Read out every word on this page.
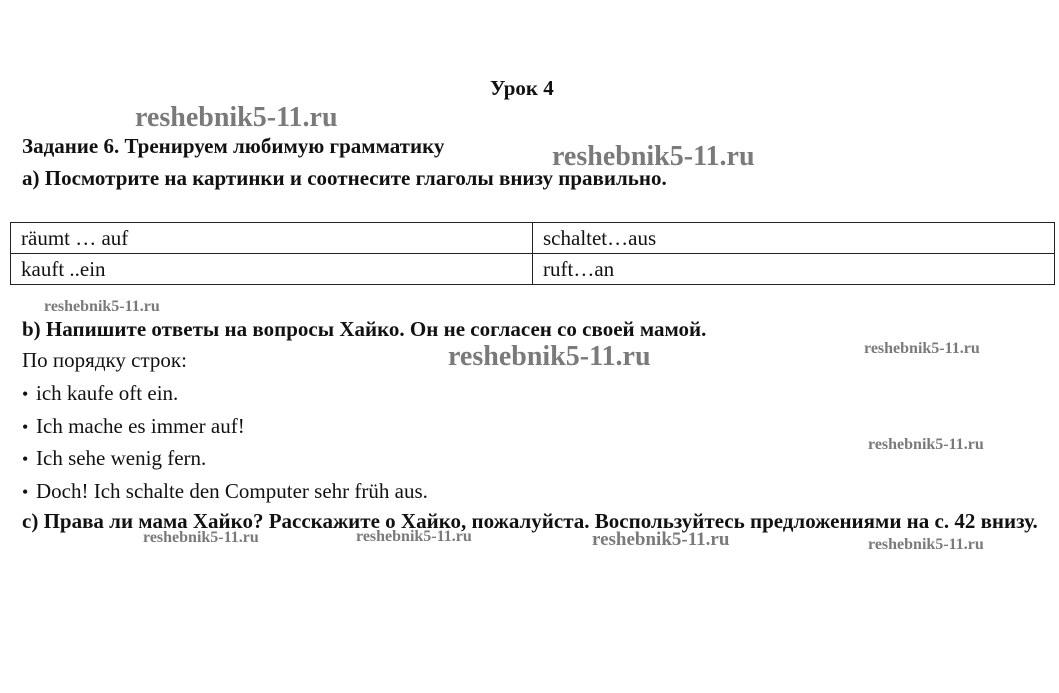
Урок 4
Задание 6. Тренируем любимую грамматику
a) Посмотрите на картинки и соотнесите глаголы внизу правильно.
räumt … auf	schaltet…aus
kauft ..ein	ruft…an
b) Напишите ответы на вопросы Хайко. Он не согласен со своей мамой.
По порядку строк:
• ich kaufe oft ein.
• Ich mache es immer auf!
• Ich sehe wenig fern.
• Doch! Ich schalte den Computer sehr früh aus.
c) Права ли мама Хайко? Расскажите о Хайко, пожалуйста. Воспользуйтесь предложениями на с. 42 внизу.
reshebnik5-11.ru
reshebnik5-11.ru
reshebnik5-11.ru
reshebnik5-11.ru	reshebnik5-11.ru
reshebnik5-11.ru
reshebnik5-11.ru	reshebnik5-11.ru	reshebnik5-11.ru	reshebnik5-11.ru
